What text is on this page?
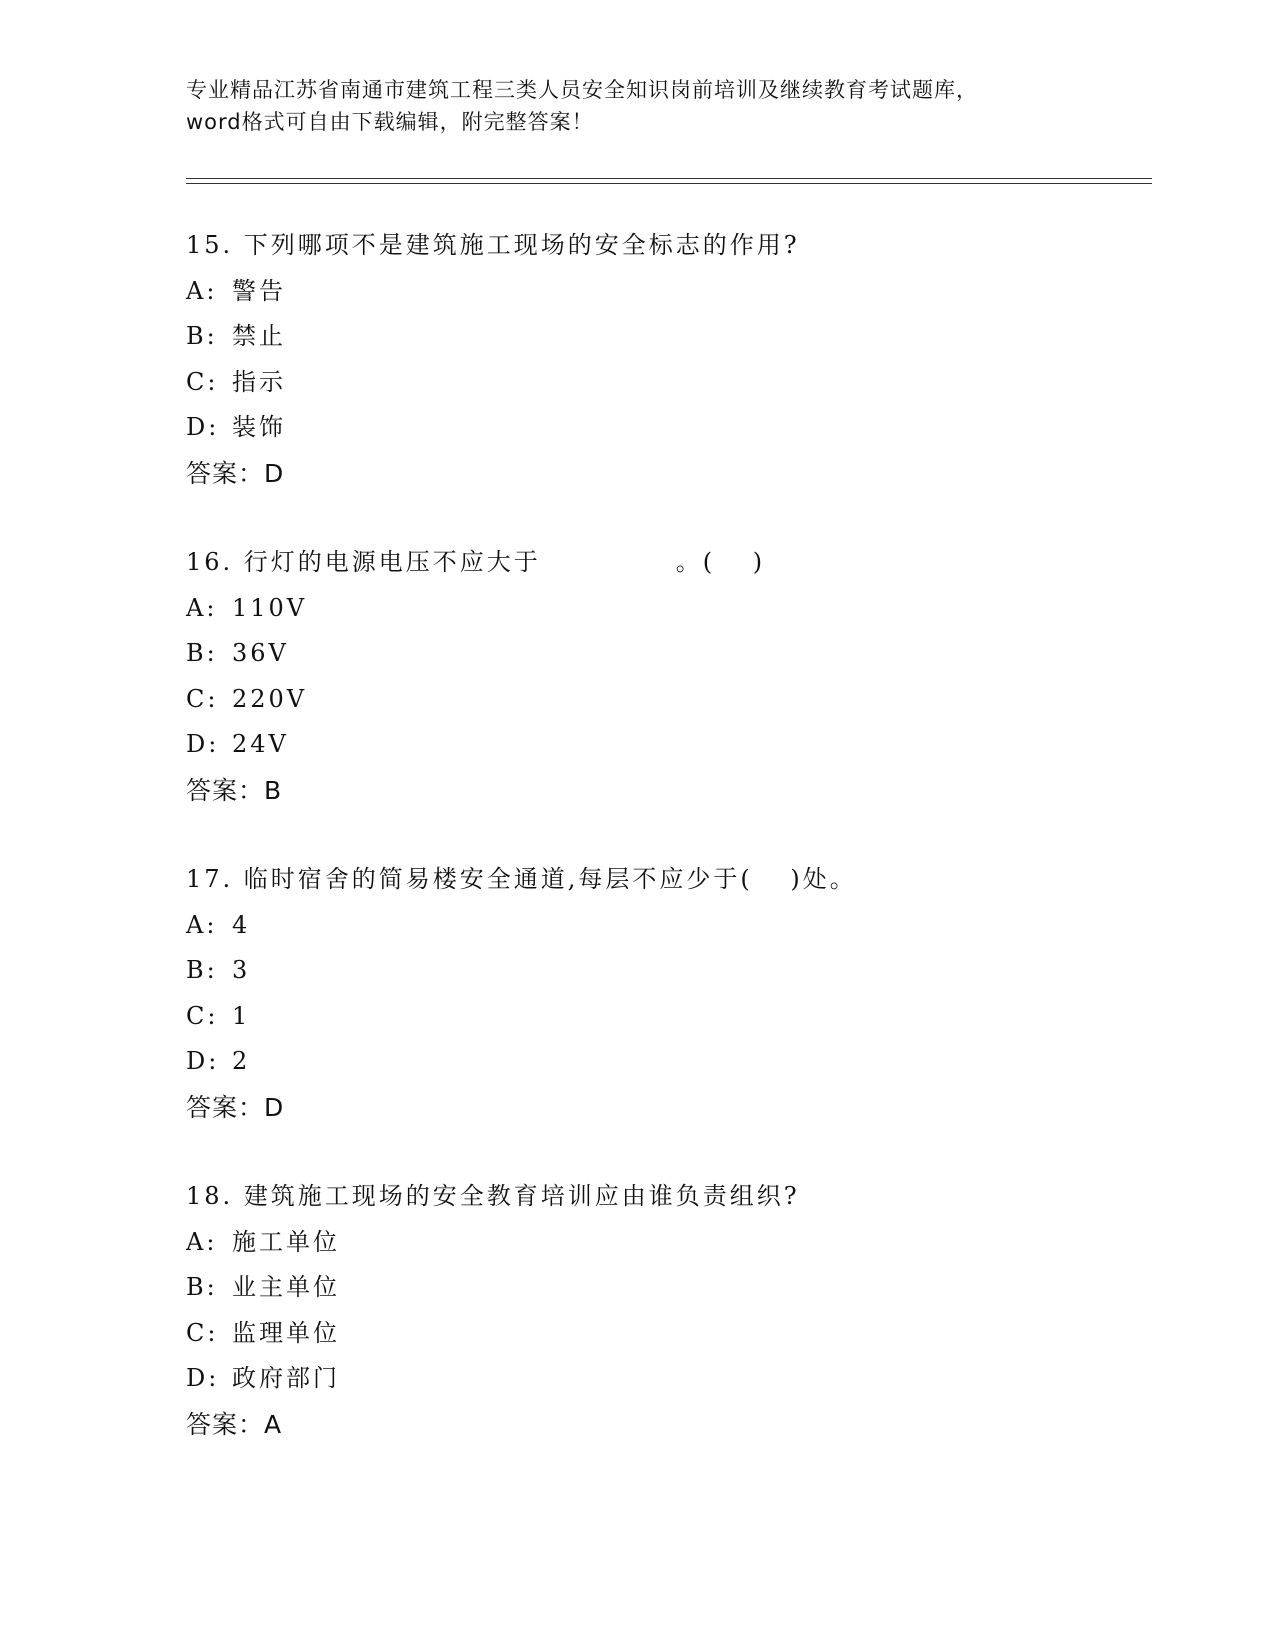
专业精品江苏省南通市建筑工程三类人员安全知识岗前培训及继续教育考试题库，
word格式可自由下载编辑，附完整答案！
15. 下列哪项不是建筑施工现场的安全标志的作用?
A: 警告
B: 禁止
C: 指示
D: 装饰
答案：D
16. 行灯的电源电压不应大于　　　　　。(　 )
A: 110V
B: 36V
C: 220V
D: 24V
答案：B
17. 临时宿舍的简易楼安全通道,每层不应少于(　 )处。
A: 4
B: 3
C: 1
D: 2
答案：D
18. 建筑施工现场的安全教育培训应由谁负责组织?
A: 施工单位
B: 业主单位
C: 监理单位
D: 政府部门
答案：A
